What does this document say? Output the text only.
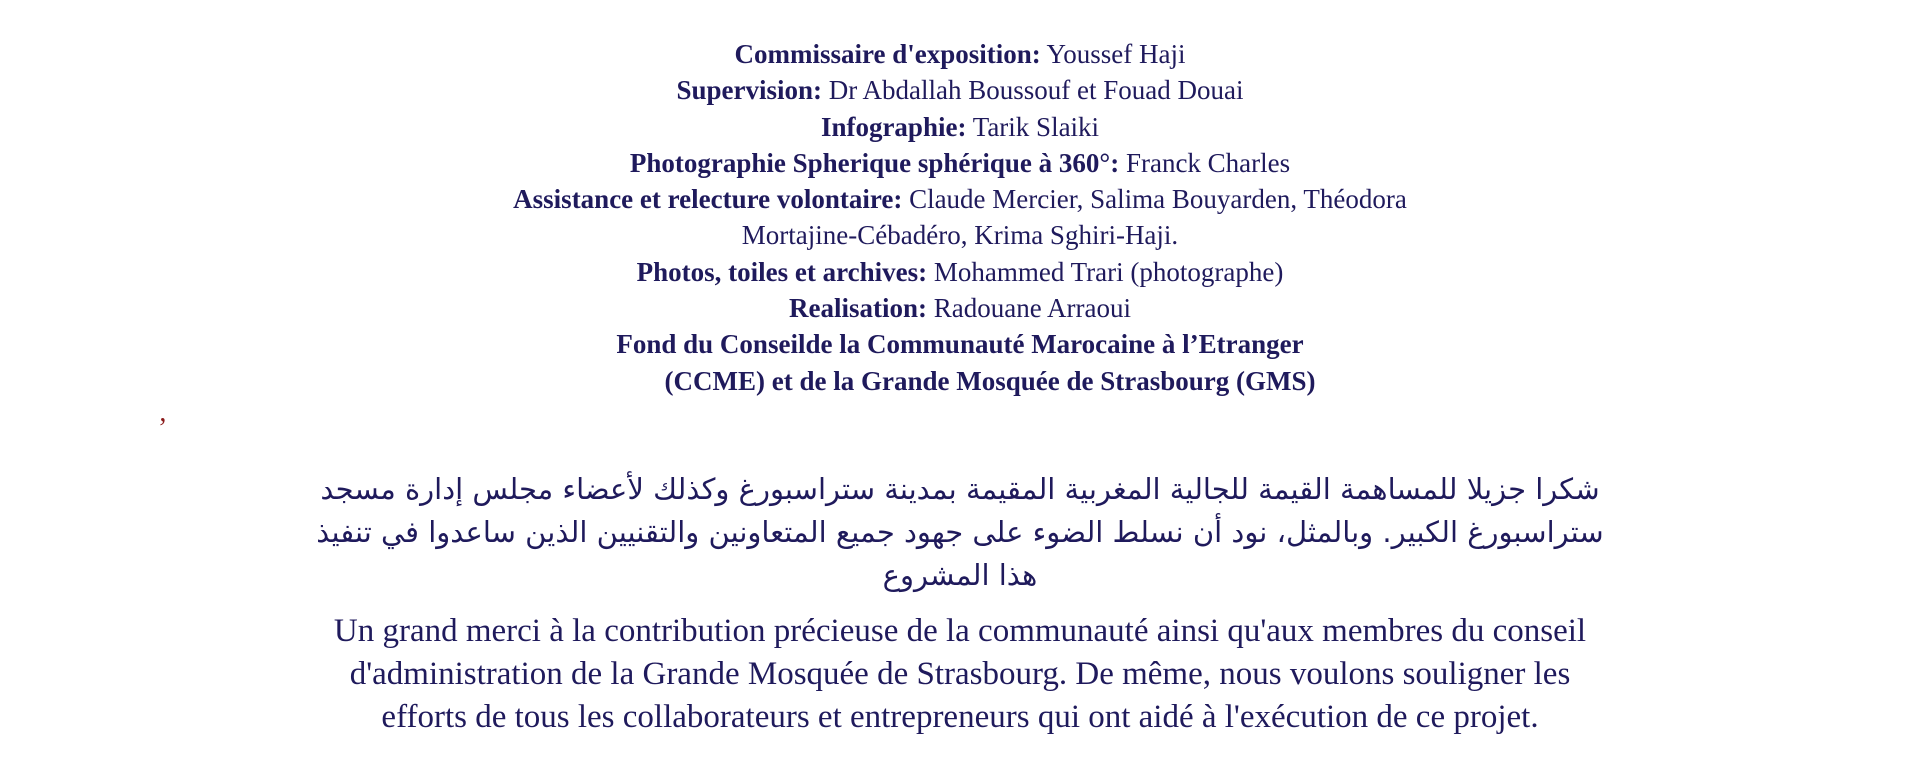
Commissaire d'exposition: Youssef Haji
Supervision: Dr Abdallah Boussouf et Fouad Douai
Infographie: Tarik Slaiki
Photographie Spherique sphérique à 360°: Franck Charles
Assistance et relecture volontaire: Claude Mercier, Salima Bouyarden, Théodora
Mortajine-Cébadéro, Krima Sghiri-Haji.
Photos, toiles et archives: Mohammed Trari (photographe)
Realisation: Radouane Arraoui
Fond du Conseilde la Communauté Marocaine à l’Etranger
(CCME) et de la Grande Mosquée de Strasbourg (GMS)
’
شكرا جزيلا للمساهمة القيمة للجالية المغربية المقيمة بمدينة ستراسبورغ وكذلك لأعضاء مجلس إدارة مسجد
ستراسبورغ الكبير. وبالمثل، نود أن نسلط الضوء على جهود جميع المتعاونين والتقنيين الذين ساعدوا في تنفيذ
هذا المشروع
Un grand merci à la contribution précieuse de la communauté ainsi qu'aux membres du conseil
d'administration de la Grande Mosquée de Strasbourg. De même, nous voulons souligner les
efforts de tous les collaborateurs et entrepreneurs qui ont aidé à l'exécution de ce projet.
